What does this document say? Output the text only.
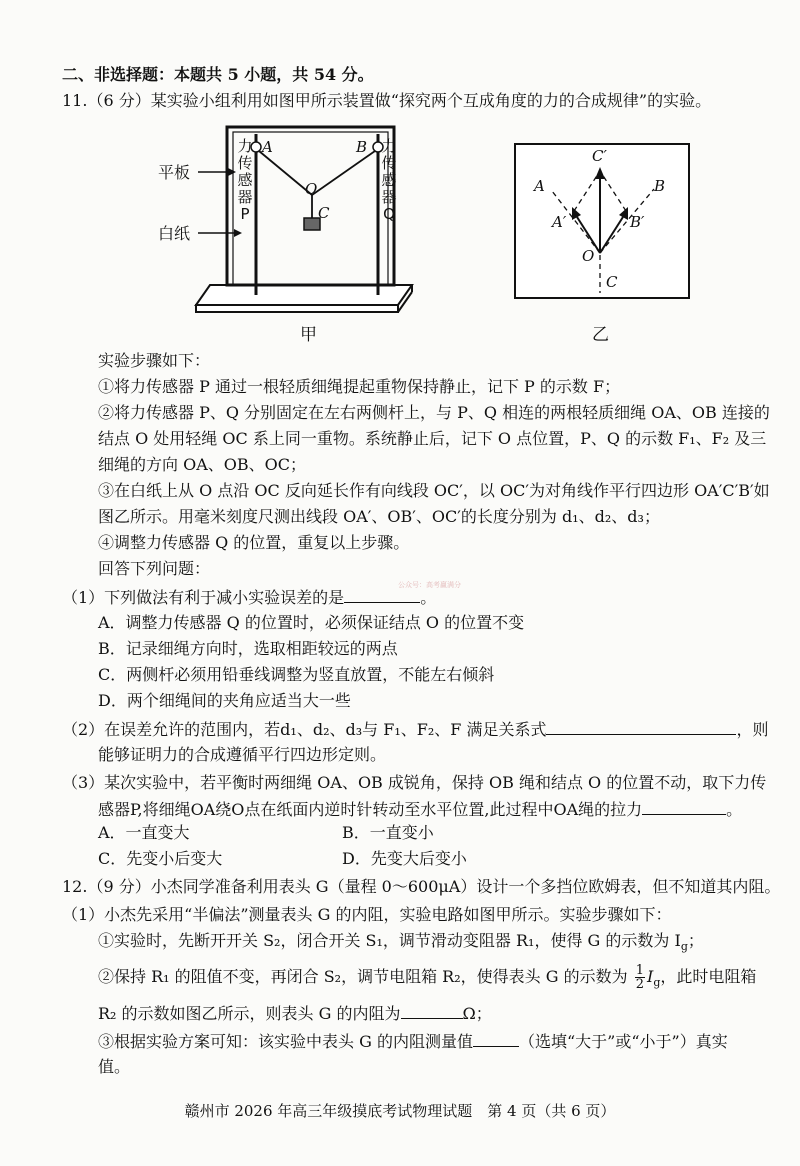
二、非选择题：本题共 5 小题，共 54 分。
11.（6 分）某实验小组利用如图甲所示装置做“探究两个互成角度的力的合成规律”的实验。
平板
白纸
力
传
感
器
P
力
传
感
器
Q
A	B
O
C
甲
C′
A	B
A′	B′
O
C
乙
实验步骤如下：
①将力传感器 P 通过一根轻质细绳提起重物保持静止，记下 P 的示数 F；
②将力传感器 P、Q 分别固定在左右两侧杆上，与 P、Q 相连的两根轻质细绳 OA、OB 连接的
结点 O 处用轻绳 OC 系上同一重物。系统静止后，记下 O 点位置，P、Q 的示数 F₁、F₂ 及三
细绳的方向 OA、OB、OC；
③在白纸上从 O 点沿 OC 反向延长作有向线段 OC′，以 OC′为对角线作平行四边形 OA′C′B′如
图乙所示。用毫米刻度尺测出线段 OA′、OB′、OC′的长度分别为 d₁、d₂、d₃；
④调整力传感器 Q 的位置，重复以上步骤。
回答下列问题：
公众号：高考赢满分
（1）下列做法有利于减小实验误差的是	。
A．调整力传感器 Q 的位置时，必须保证结点 O 的位置不变
B．记录细绳方向时，选取相距较远的两点
C．两侧杆必须用铅垂线调整为竖直放置，不能左右倾斜
D．两个细绳间的夹角应适当大一些
（2）在误差允许的范围内，若d₁、d₂、d₃与 F₁、F₂、F 满足关系式	，则
能够证明力的合成遵循平行四边形定则。
（3）某次实验中，若平衡时两细绳 OA、OB 成锐角，保持 OB 绳和结点 O 的位置不动，取下力传
感器P,将细绳OA绕O点在纸面内逆时针转动至水平位置,此过程中OA绳的拉力	。
A．一直变大	B．一直变小
C．先变小后变大	D．先变大后变小
12.（9 分）小杰同学准备利用表头 G（量程 0～600μA）设计一个多挡位欧姆表，但不知道其内阻。
（1）小杰先采用“半偏法”测量表头 G 的内阻，实验电路如图甲所示。实验步骤如下：
①实验时，先断开开关 S₂，闭合开关 S₁，调节滑动变阻器 R₁，使得 G 的示数为 $I_g$；
②保持 R₁ 的阻值不变，再闭合 S₂，调节电阻箱 R₂，使得表头 G 的示数为 $\frac{1}{2} I_g$，此时电阻箱
R₂ 的示数如图乙所示，则表头 G 的内阻为	Ω；
③根据实验方案可知：该实验中表头 G 的内阻测量值	（选填“大于”或“小于”）真实
值。
赣州市 2026 年高三年级摸底考试物理试题　第 4 页（共 6 页）
